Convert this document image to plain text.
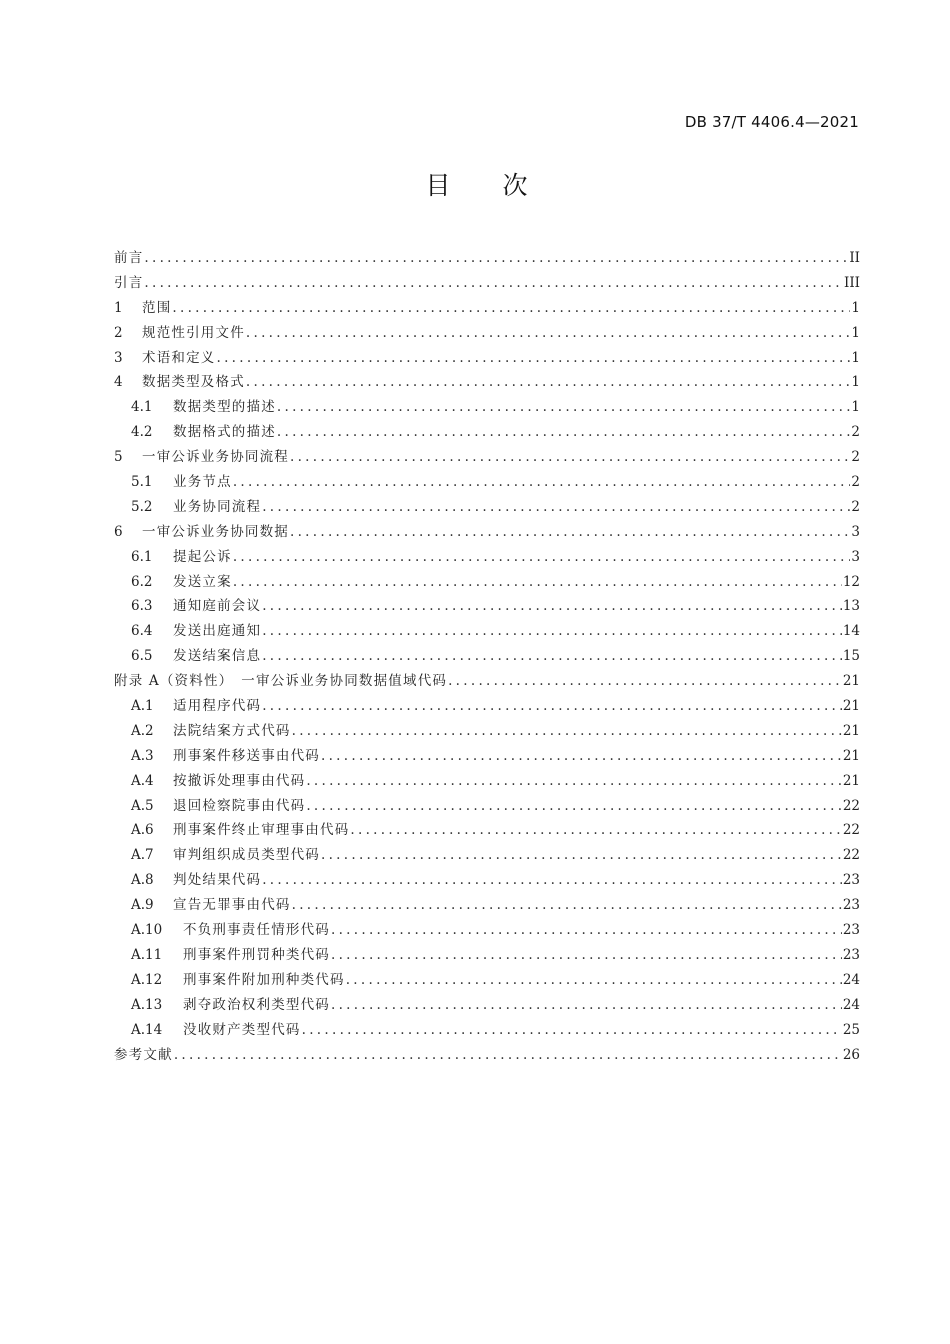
DB 37/T 4406.4—2021
目 次
前言 .....	II
引言 .....	III
1	范围 .....	1
2	规范性引用文件 .....	1
3	术语和定义 .....	1
4	数据类型及格式 .....	1
4.1	数据类型的描述 .....	1
4.2	数据格式的描述 .....	2
5	一审公诉业务协同流程 .....	2
5.1	业务节点 .....	2
5.2	业务协同流程 .....	2
6	一审公诉业务协同数据 .....	3
6.1	提起公诉 .....	3
6.2	发送立案 .....	12
6.3	通知庭前会议 .....	13
6.4	发送出庭通知 .....	14
6.5	发送结案信息 .....	15
附录 A（资料性）　一审公诉业务协同数据值域代码 .....	21
A.1	适用程序代码 .....	21
A.2	法院结案方式代码 .....	21
A.3	刑事案件移送事由代码 .....	21
A.4	按撤诉处理事由代码 .....	21
A.5	退回检察院事由代码 .....	22
A.6	刑事案件终止审理事由代码 .....	22
A.7	审判组织成员类型代码 .....	22
A.8	判处结果代码 .....	23
A.9	宣告无罪事由代码 .....	23
A.10	不负刑事责任情形代码 .....	23
A.11	刑事案件刑罚种类代码 .....	23
A.12	刑事案件附加刑种类代码 .....	24
A.13	剥夺政治权利类型代码 .....	24
A.14	没收财产类型代码 .....	25
参考文献 .....	26
